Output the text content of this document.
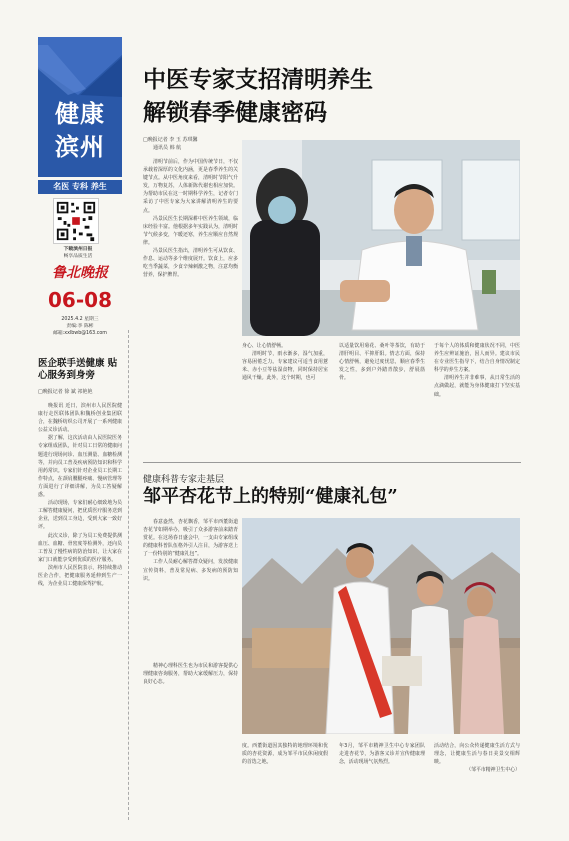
健康
滨州
名医 专科 养生
下载滨州日报
畅享品质生活
鲁北晚报
06-08
2025.4.2 星期三
责编:李 陈彬
邮箱:xxlbwb@163.com
医企联手送健康 贴心服务到身旁
□晚报记者 徐 斌 祁艳艳

晚报讯 近日，滨州市人民医院健康行走医联体团队和魏桥创业集团联合，在魏桥纺织公司开展了一系列健康公益义诊活动。

据了解，这次活动由人民医院医务专家组成团队，针对员工日常的健康问题进行现场问诊、血压测量、血糖检测等，并向员工普及疾病预防知识和科学用药常识。专家们针对企业员工长期工作特点，在颈肩腰腿疼痛、慢病管理等方面进行了详细讲解，为员工答疑解惑。

活动现场，专家们耐心细致地为员工解答健康疑问，把优质医疗服务送到企业，送到员工身边，受到大家一致好评。

此次义诊，除了为员工免费提供测血压、血糖、骨密度等检测外，还向员工普及了慢性病的防治知识，让大家在家门口就能享受到优质的医疗服务。

滨州市人民医院表示，将持续推动医企合作，把健康服务延伸到生产一线，为企业员工健康保驾护航。

中医专家支招清明养生
解锁春季健康密码
□晚报记者 李 玉 苏琪馨
通讯员 韩 航

清明节前后，作为中国传统节日，不仅承载着深厚的文化内涵，更是春季养生的关键节点。从中医角度来看，清明时节阳气升发，万物复苏，人体新陈代谢也相应加快。为帮助市民在这一时期科学养生，记者专门采访了中医专家为大家讲解清明养生的要点。

冯景民医生长期深耕中医养生领域，临床经验丰富。他根据多年实践认为，清明时节气候多变，乍暖还寒，养生应顺应自然规律。

冯景民医生指出，清明养生可从饮食、作息、运动等多个维度展开。饮食上，应多吃当季蔬菜，少食辛辣刺激之物，注意均衡营养，保护脾胃。

身心、让心情舒畅。

清明时节，雨水渐多，湿气加重，容易困倦乏力。专家建议可适当食用薏米、赤小豆等祛湿食物，同时保持居室通风干燥。此外，这个时期，也可

以适量饮用菊花、桑叶等茶饮，有助于清肝明目、平抑肝阳。情志方面，保持心情舒畅，避免过度忧思，顺应春季生发之性，多到户外踏青散步，舒展筋骨。

于每个人的体质和健康状况不同，中医养生应辨证施治，因人而异。建议市民在专业医生指导下，结合自身情况制定科学的养生方案。

清明养生并非难事，从日常生活的点滴做起，就能为身体健康打下坚实基础。

健康科普专家走基层
邹平杏花节上的特别“健康礼包”

春意盎然，杏花飘香，邹平市西董街道杏花节如期举办，吸引了众多游客前来踏青赏花。在这场春日盛会中，一支由专家组成的健康科普队伍格外引人注目，为游客送上了一份特别的“健康礼包”。

工作人员耐心解答群众疑问，发放健康宣传资料，普及常见病、多发病的预防知识。

精神心理科医生也为市民和游客提供心理健康咨询服务，帮助大家缓解压力，保持良好心态。

度。西董街道因其独特的地理环境和优质的杏花资源，成为邹平市民休闲度假的首选之地。

年3月，邹平市精神卫生中心专家团队走进杏花节，为游客义诊并宣传健康理念，活动现场气氛热烈。

活动结合，向公众传递健康生活方式与理念，让健康生活与春日美景交相辉映。

（邹平市精神卫生中心）
